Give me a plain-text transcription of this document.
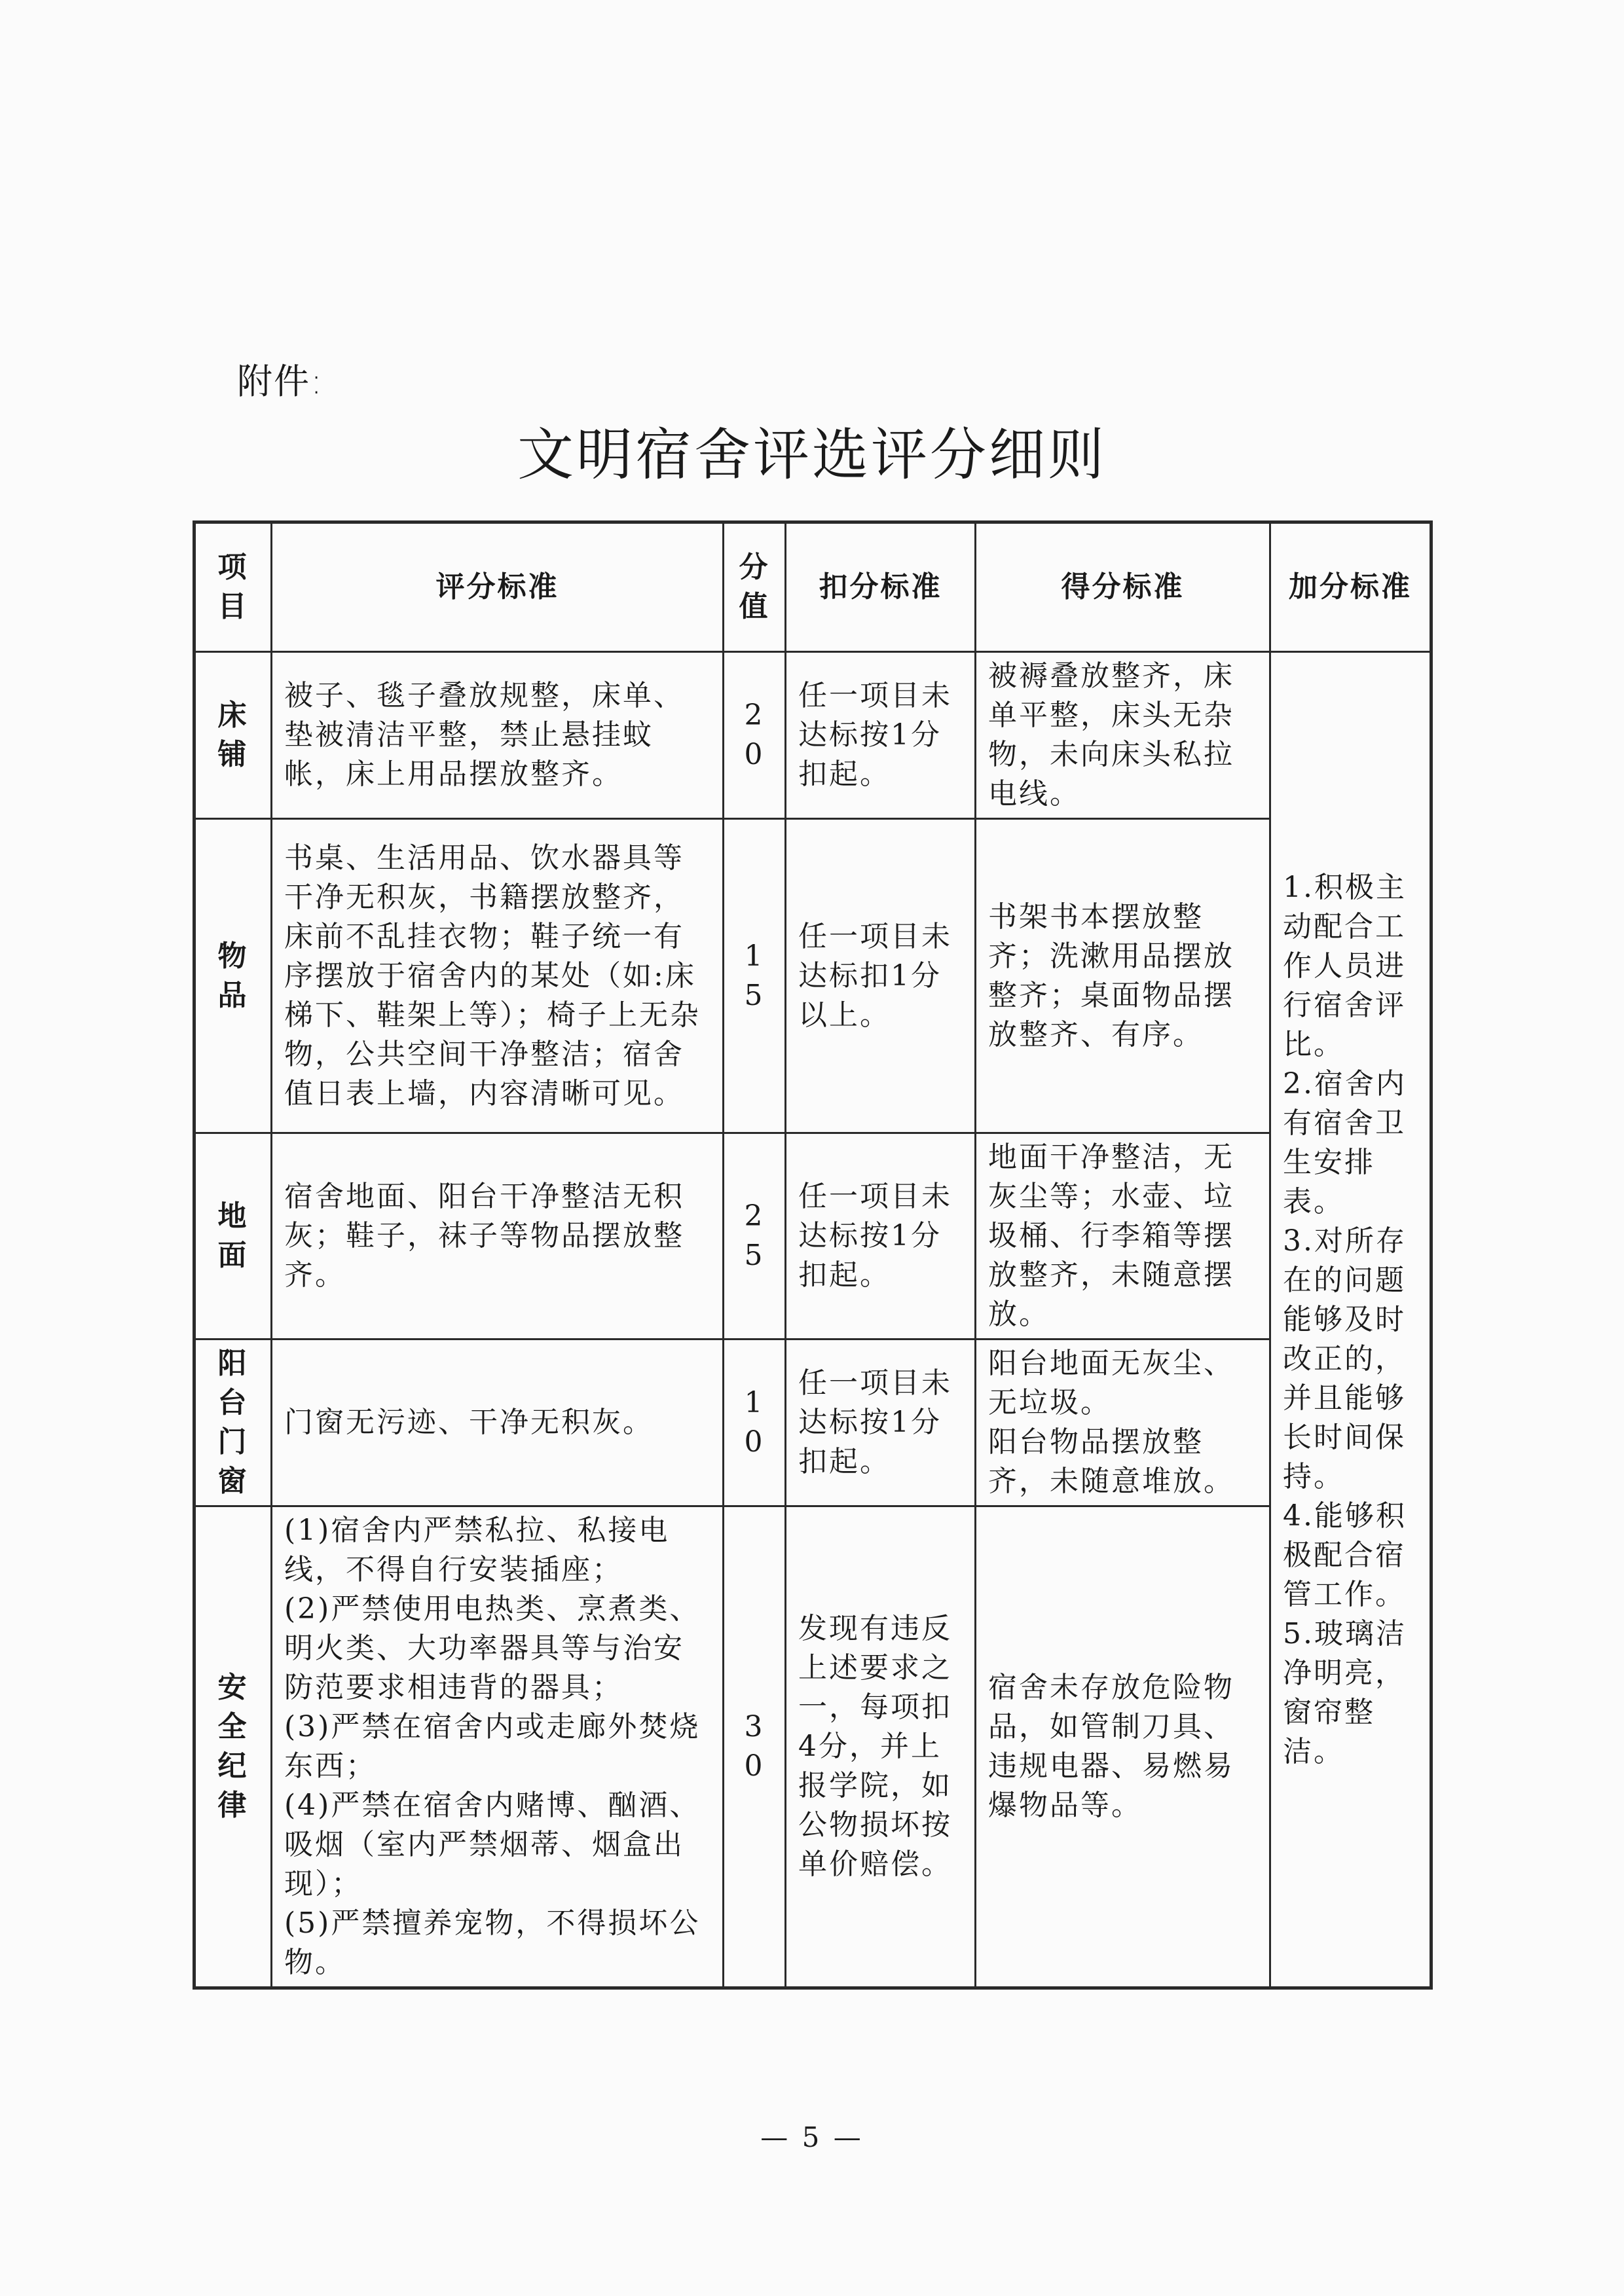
附件:
文明宿舍评选评分细则
项目	评分标准	分值	扣分标准	得分标准	加分标准
床铺	被子、毯子叠放规整，床单、垫被清洁平整，禁止悬挂蚊帐，床上用品摆放整齐。	20	任一项目未达标按1分扣起。	被褥叠放整齐，床单平整，床头无杂物，未向床头私拉电线。	1.积极主动配合工作人员进行宿舍评比。
2.宿舍内有宿舍卫生安排表。
3.对所存在的问题能够及时改正的，并且能够长时间保持。
4.能够积极配合宿管工作。
5.玻璃洁净明亮，窗帘整洁。

物品	书桌、生活用品、饮水器具等干净无积灰，书籍摆放整齐，床前不乱挂衣物；鞋子统一有序摆放于宿舍内的某处（如:床梯下、鞋架上等）；椅子上无杂物，公共空间干净整洁；宿舍值日表上墙，内容清晰可见。	15	任一项目未达标扣1分以上。	书架书本摆放整齐；洗漱用品摆放整齐；桌面物品摆放整齐、有序。	
地面	宿舍地面、阳台干净整洁无积灰；鞋子，袜子等物品摆放整齐。	25	任一项目未达标按1分扣起。	地面干净整洁，无灰尘等；水壶、垃圾桶、行李箱等摆放整齐，未随意摆放。	
阳台门窗	门窗无污迹、干净无积灰。	10	任一项目未达标按1分扣起。	阳台地面无灰尘、无垃圾。
阳台物品摆放整齐，未随意堆放。	

安全纪律	(1)宿舍内严禁私拉、私接电线，不得自行安装插座；
(2)严禁使用电热类、烹煮类、明火类、大功率器具等与治安防范要求相违背的器具；
(3)严禁在宿舍内或走廊外焚烧东西；
(4)严禁在宿舍内赌博、酗酒、吸烟（室内严禁烟蒂、烟盒出现）；
(5)严禁擅养宠物，不得损坏公物。	30	发现有违反上述要求之一，每项扣4分，并上报学院，如公物损坏按单价赔偿。	宿舍未存放危险物品，如管制刀具、违规电器、易燃易爆物品等。	
— 5 —
